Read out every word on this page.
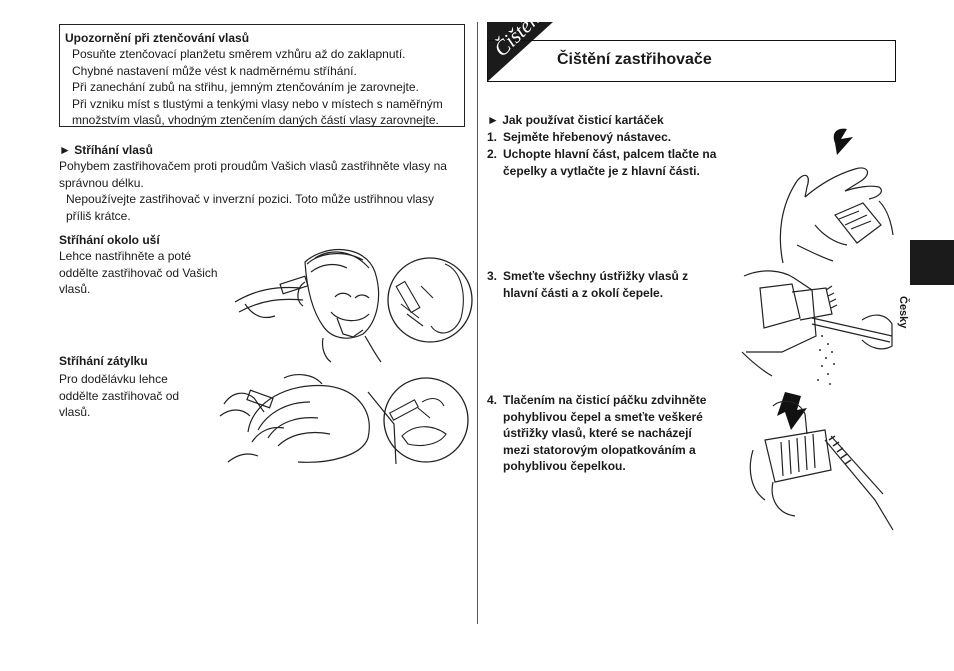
Upozornění při ztenčování vlasů
Posuňte ztenčovací planžetu směrem vzhůru až do zaklapnutí.
Chybné nastavení může vést k nadměrnému stříhání.
Při zanechání zubů na střihu, jemným ztenčováním je zarovnejte.
Při vzniku míst s tlustými a tenkými vlasy nebo v místech s naměřným
množstvím vlasů, vhodným ztenčením daných částí vlasy zarovnejte.
► Stříhání vlasů
Pohybem zastřihovačem proti proudům Vašich vlasů zastřihněte vlasy na
správnou délku.
Nepoužívejte zastřihovač v inverzní pozici. Toto může ustřihnou vlasy
příliš krátce.
Stříhání okolo uší
Lehce nastřihněte a poté
oddělte zastřihovač od Vašich
vlasů.
Stříhání zátylku
Pro dodělávku lehce
oddělte zastřihovač od
vlasů.
Čištění Čištění zastřihovače
► Jak používat čisticí kartáček
1. Sejměte hřebenový nástavec.
2. Uchopte hlavní část, palcem tlačte na
čepelky a vytlačte je z hlavní části.
3. Smeťte všechny ústřižky vlasů z
hlavní části a z okolí čepele.
4. Tlačením na čisticí páčku zdvihněte
pohyblivou čepel a smeťte veškeré
ústřižky vlasů, které se nacházejí
mezi statorovým olopatkováním a
pohyblivou čepelkou.
Česky
